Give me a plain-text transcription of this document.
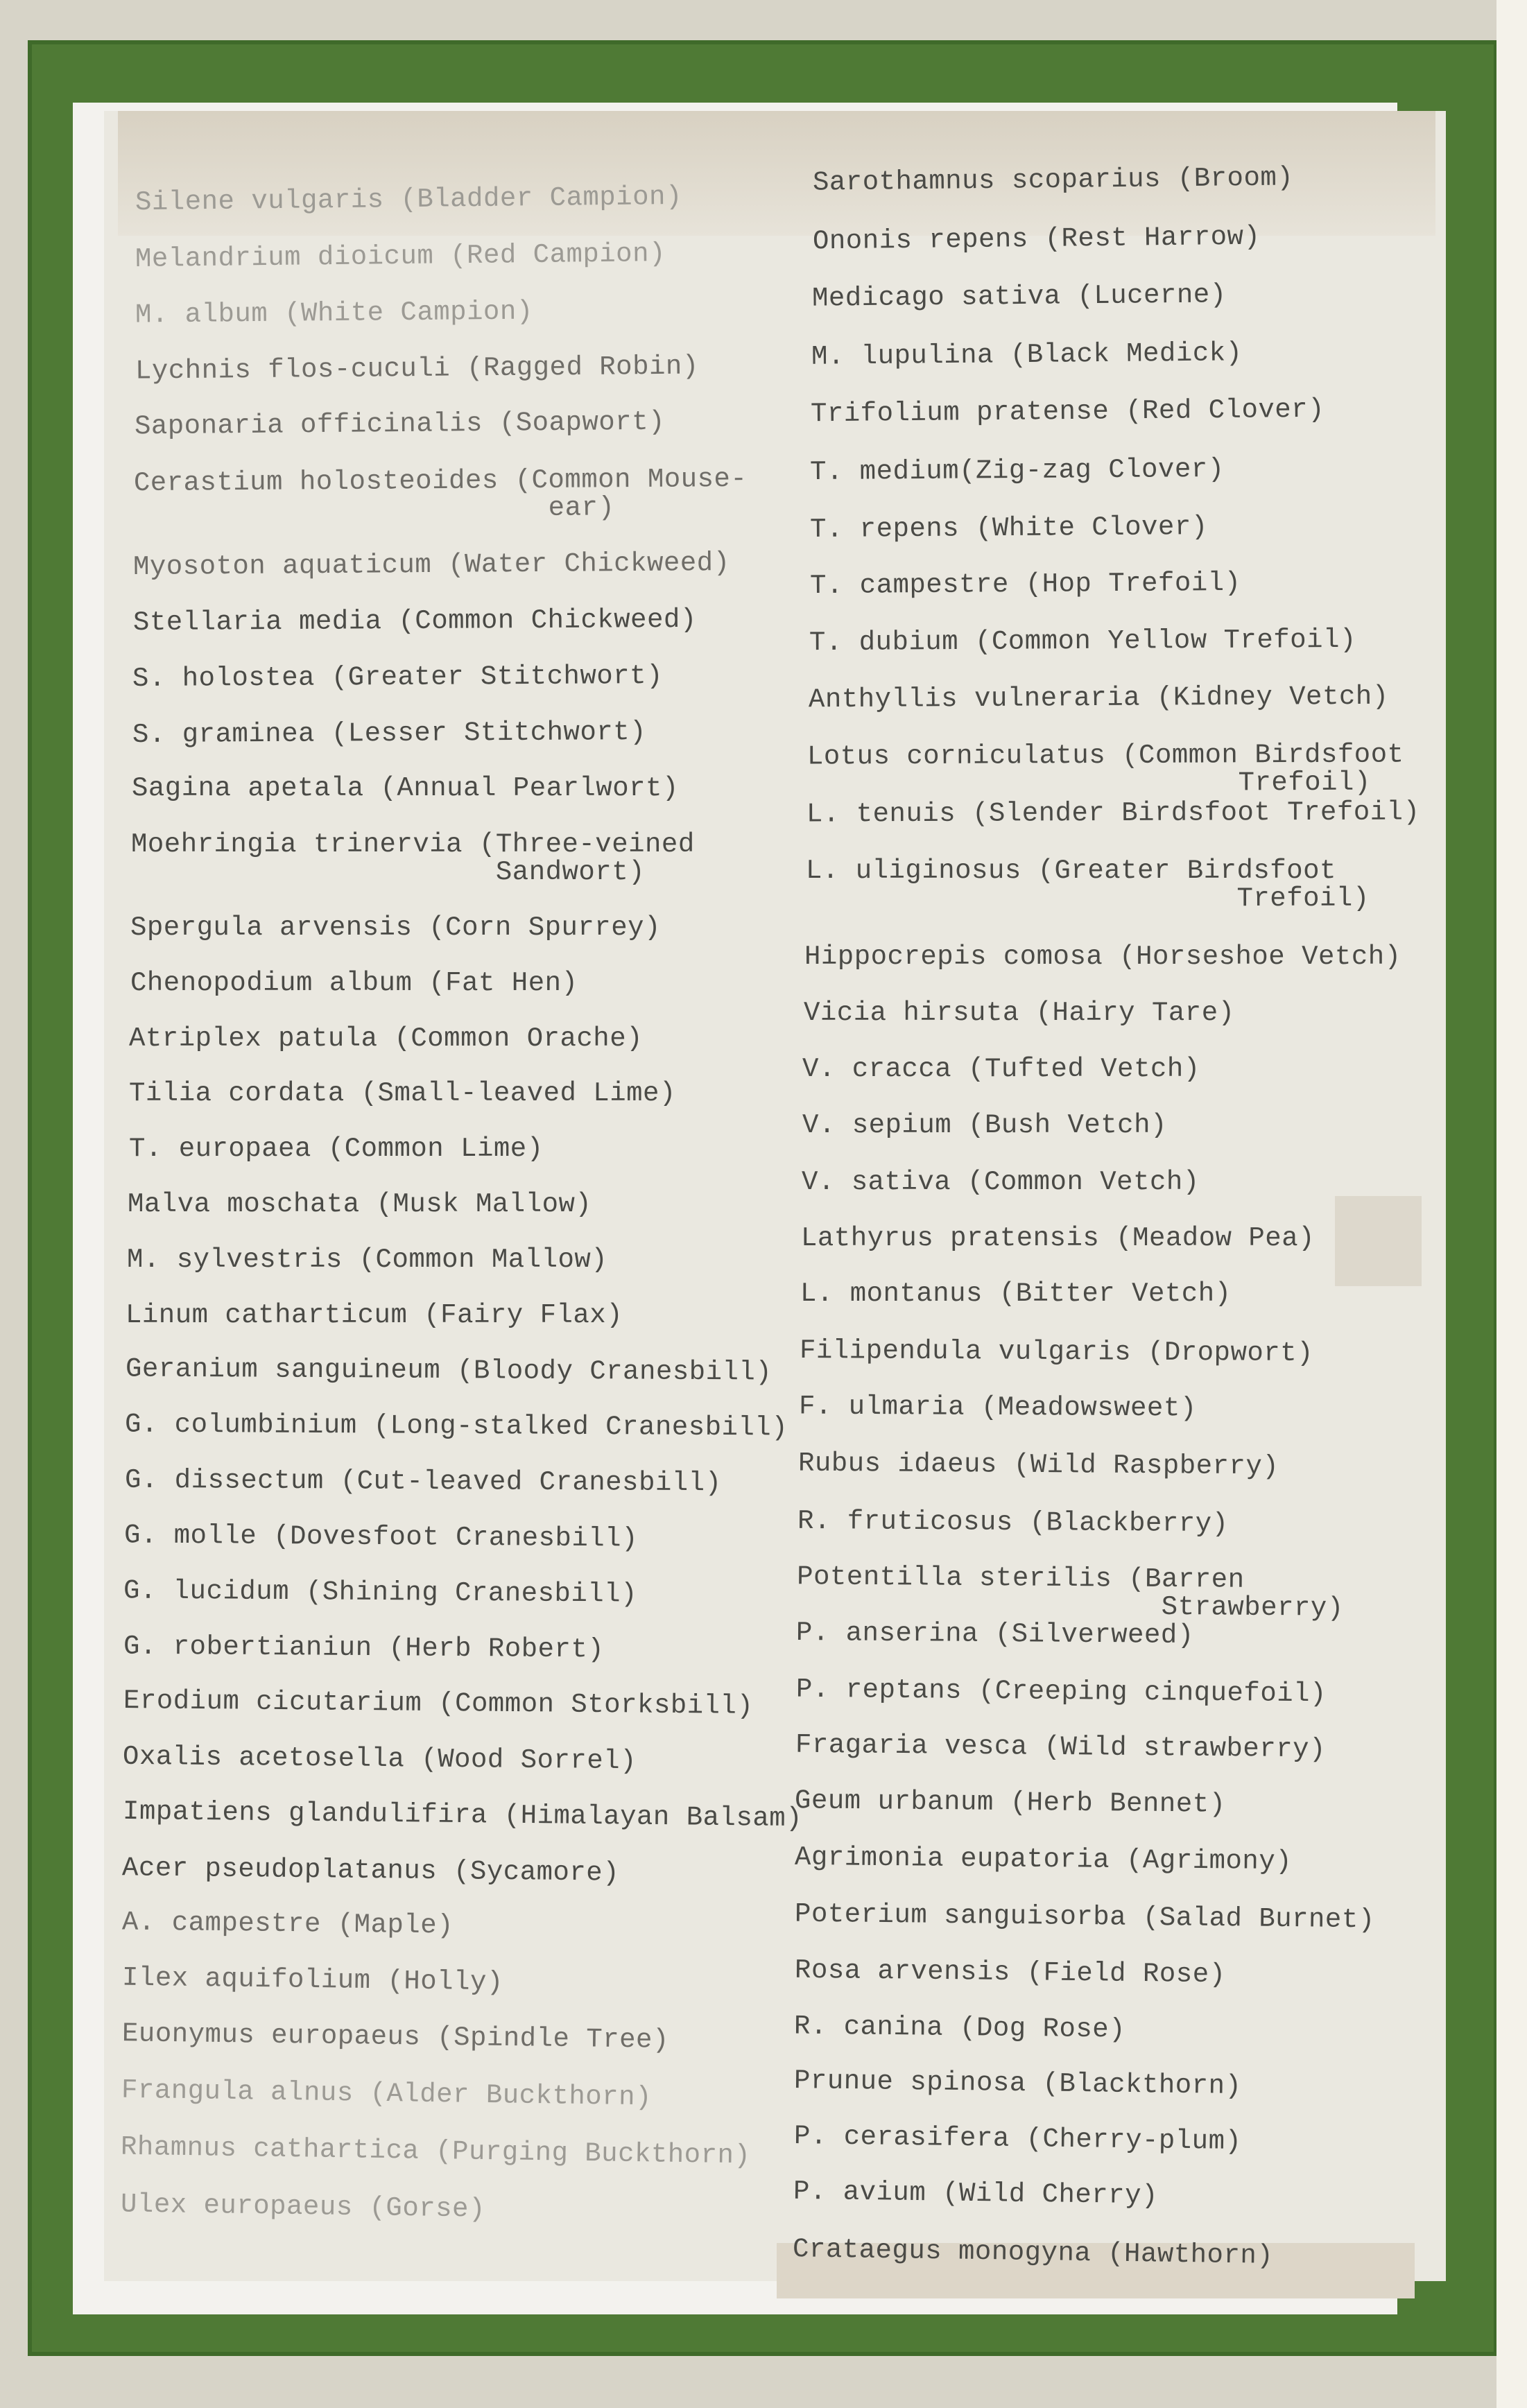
Silene vulgaris (Bladder Campion)
Melandrium dioicum (Red Campion)
M. album (White Campion)
Lychnis flos-cuculi (Ragged Robin)
Saponaria officinalis (Soapwort)
Cerastium holosteoides (Common Mouse-
ear)
Myosoton aquaticum (Water Chickweed)
Stellaria media (Common Chickweed)
S. holostea (Greater Stitchwort)
S. graminea (Lesser Stitchwort)
Sagina apetala (Annual Pearlwort)
Moehringia trinervia (Three-veined
Sandwort)
Spergula arvensis (Corn Spurrey)
Chenopodium album (Fat Hen)
Atriplex patula (Common Orache)
Tilia cordata (Small-leaved Lime)
T. europaea (Common Lime)
Malva moschata (Musk Mallow)
M. sylvestris (Common Mallow)
Linum catharticum (Fairy Flax)
Geranium sanguineum (Bloody Cranesbill)
G. columbinium (Long-stalked Cranesbill)
G. dissectum (Cut-leaved Cranesbill)
G. molle (Dovesfoot Cranesbill)
G. lucidum (Shining Cranesbill)
G. robertianiun (Herb Robert)
Erodium cicutarium (Common Storksbill)
Oxalis acetosella (Wood Sorrel)
Impatiens glandulifira (Himalayan Balsam)
Acer pseudoplatanus (Sycamore)
A. campestre (Maple)
Ilex aquifolium (Holly)
Euonymus europaeus (Spindle Tree)
Frangula alnus (Alder Buckthorn)
Rhamnus cathartica (Purging Buckthorn)
Ulex europaeus (Gorse)
Sarothamnus scoparius (Broom)
Ononis repens (Rest Harrow)
Medicago sativa (Lucerne)
M. lupulina (Black Medick)
Trifolium pratense (Red Clover)
T. medium(Zig-zag Clover)
T. repens (White Clover)
T. campestre (Hop Trefoil)
T. dubium (Common Yellow Trefoil)
Anthyllis vulneraria (Kidney Vetch)
Lotus corniculatus (Common Birdsfoot
Trefoil)
L. tenuis (Slender Birdsfoot Trefoil)
L. uliginosus (Greater Birdsfoot
Trefoil)
Hippocrepis comosa (Horseshoe Vetch)
Vicia hirsuta (Hairy Tare)
V. cracca (Tufted Vetch)
V. sepium (Bush Vetch)
V. sativa (Common Vetch)
Lathyrus pratensis (Meadow Pea)
L. montanus (Bitter Vetch)
Filipendula vulgaris (Dropwort)
F. ulmaria (Meadowsweet)
Rubus idaeus (Wild Raspberry)
R. fruticosus (Blackberry)
Potentilla sterilis (Barren
Strawberry)
P. anserina (Silverweed)
P. reptans (Creeping cinquefoil)
Fragaria vesca (Wild strawberry)
Geum urbanum (Herb Bennet)
Agrimonia eupatoria (Agrimony)
Poterium sanguisorba (Salad Burnet)
Rosa arvensis (Field Rose)
R. canina (Dog Rose)
Prunue spinosa (Blackthorn)
P. cerasifera (Cherry-plum)
P. avium (Wild Cherry)
Crataegus monogyna (Hawthorn)
